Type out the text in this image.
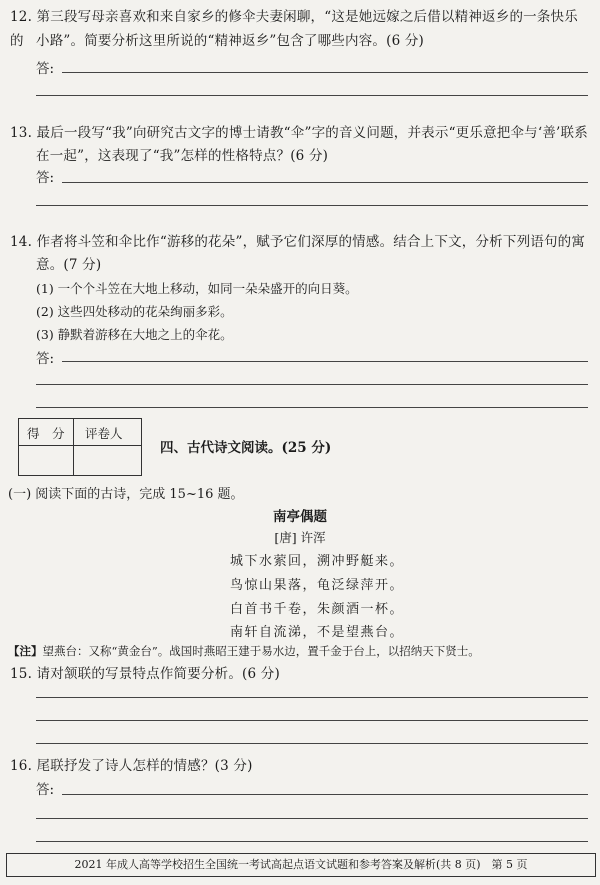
12. 第三段写母亲喜欢和来自家乡的修伞夫妻闲聊，“这是她远嫁之后借以精神返乡的一条快乐的 小路”。简要分析这里所说的“精神返乡”包含了哪些内容。(6 分)
答:
13. 最后一段写“我”向研究古文字的博士请教“伞”字的音义问题，并表示“更乐意把伞与‘善’联系
在一起”，这表现了“我”怎样的性格特点？(6 分)
答:
14. 作者将斗笠和伞比作“游移的花朵”，赋予它们深厚的情感。结合上下文，分析下列语句的寓
意。(7 分)
(1) 一个个斗笠在大地上移动，如同一朵朵盛开的向日葵。
(2) 这些四处移动的花朵绚丽多彩。
(3) 静默着游移在大地之上的伞花。
答:
得　分 评卷人
四、古代诗文阅读。(25 分)
(一) 阅读下面的古诗，完成 15~16 题。
南亭偶题
[唐] 许浑
城下水萦回，溯冲野艇来。
鸟惊山果落，龟泛绿萍开。
白首书千卷，朱颜酒一杯。
南轩自流涕，不是望燕台。
【注】望燕台：又称“黄金台”。战国时燕昭王建于易水边，置千金于台上，以招纳天下贤士。
15. 请对颔联的写景特点作简要分析。(6 分)
16. 尾联抒发了诗人怎样的情感？(3 分)
答:
2021 年成人高等学校招生全国统一考试高起点语文试题和参考答案及解析(共 8 页)　第 5 页
